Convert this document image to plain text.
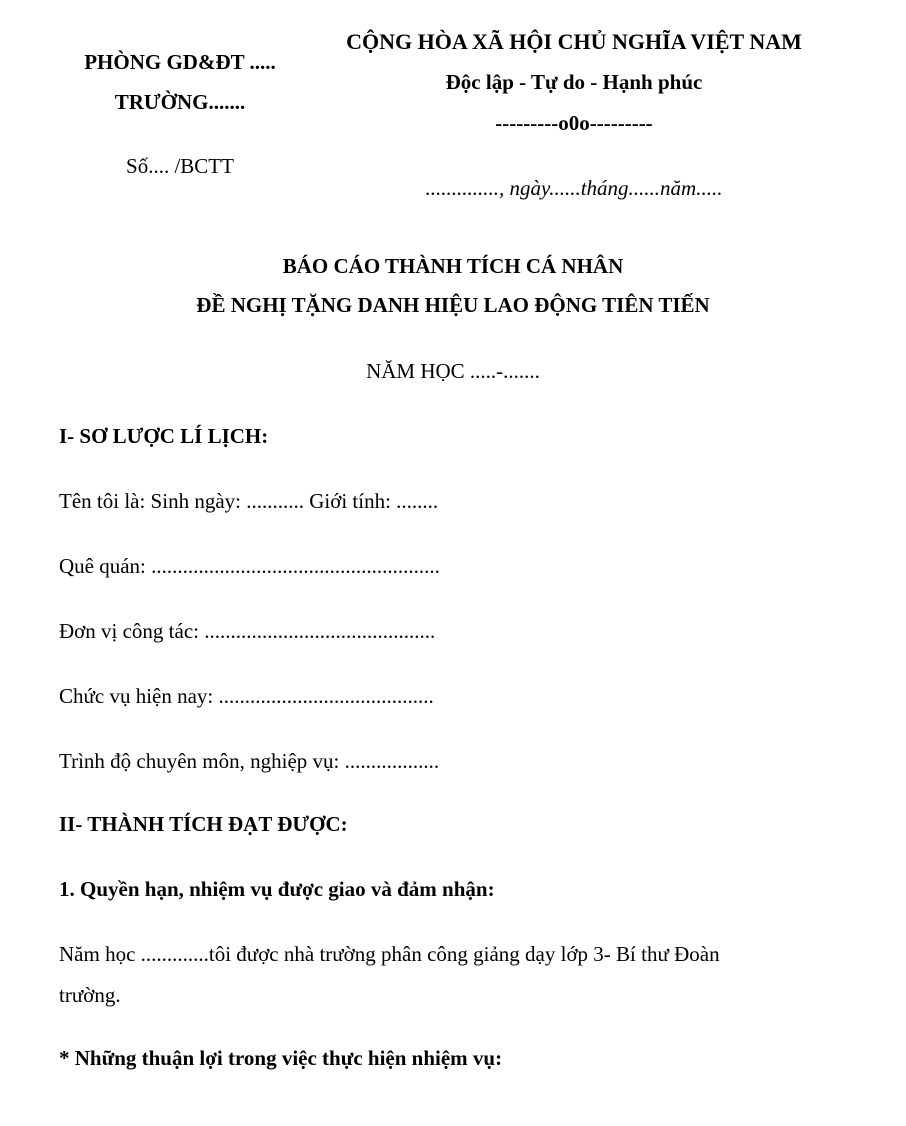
PHÒNG GD&ĐT .....
TRƯỜNG.......
Số.... /BCTT
CỘNG HÒA XÃ HỘI CHỦ NGHĨA VIỆT NAM
Độc lập - Tự do - Hạnh phúc
---------o0o---------
.............., ngày......tháng......năm.....
BÁO CÁO THÀNH TÍCH CÁ NHÂN
ĐỀ NGHỊ TẶNG DANH HIỆU LAO ĐỘNG TIÊN TIẾN
NĂM HỌC .....-.......
I- SƠ LƯỢC LÍ LỊCH:
Tên tôi là: Sinh ngày: ........... Giới tính: ........
Quê quán: .......................................................
Đơn vị công tác: ............................................
Chức vụ hiện nay: .........................................
Trình độ chuyên môn, nghiệp vụ: ..................
II- THÀNH TÍCH ĐẠT ĐƯỢC:
1. Quyền hạn, nhiệm vụ được giao và đảm nhận:
Năm học .............tôi được nhà trường phân công giảng dạy lớp 3- Bí thư Đoàn
trường.
* Những thuận lợi trong việc thực hiện nhiệm vụ:
